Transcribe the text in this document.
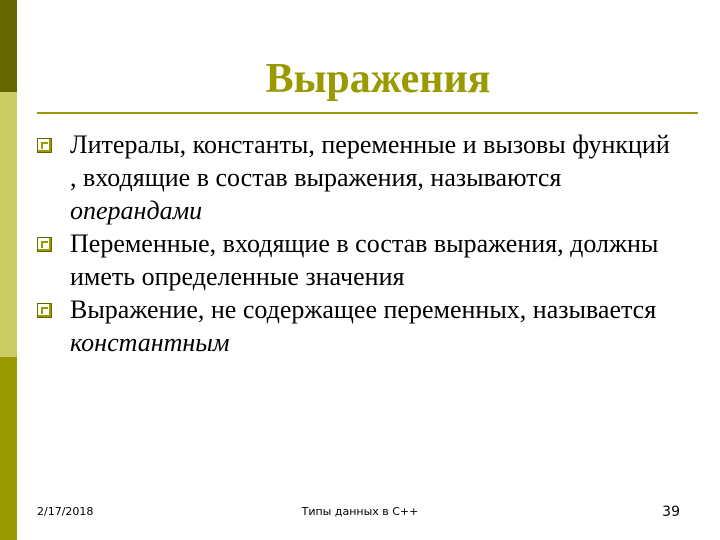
Выражения
Литералы, константы, переменные и вызовы функций , входящие в состав выражения, называются операндами
Переменные, входящие в состав выражения, должны иметь определенные значения
Выражение, не содержащее переменных, называется константным
2/17/2018	Типы данных в С++	39
